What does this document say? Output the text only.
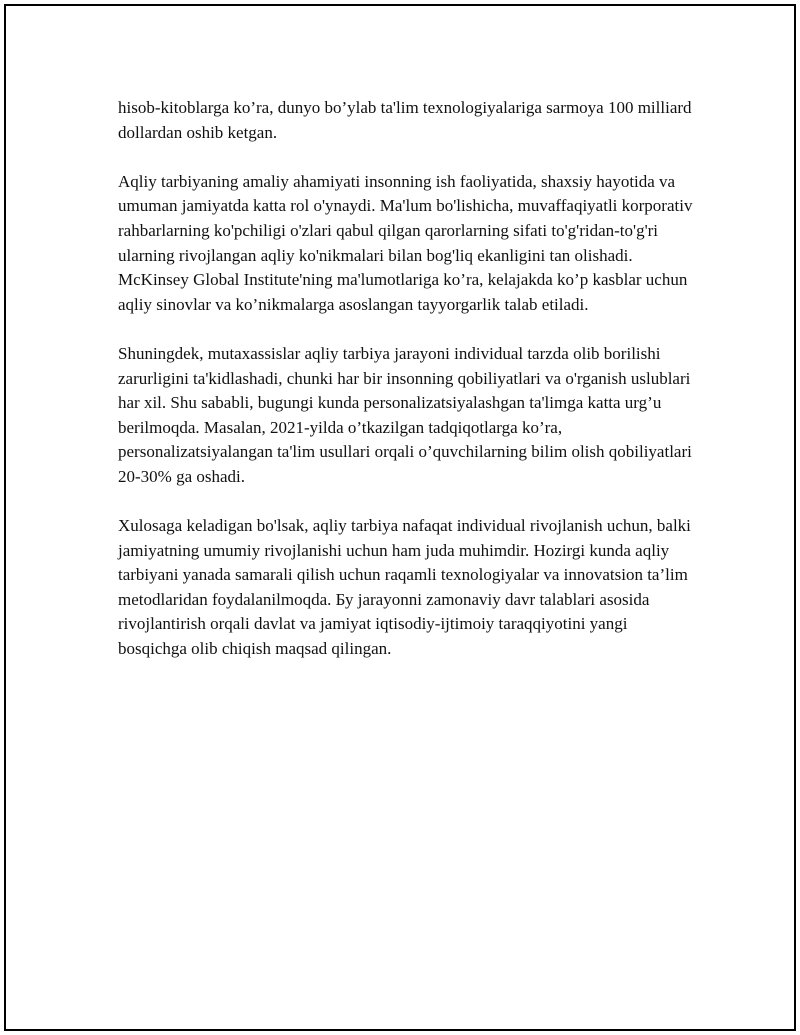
hisob-kitoblarga ko’ra, dunyo bo’ylab ta'lim texnologiyalariga sarmoya 100 milliard dollardan oshib ketgan.

Aqliy tarbiyaning amaliy ahamiyati insonning ish faoliyatida, shaxsiy hayotida va umuman jamiyatda katta rol o'ynaydi. Ma'lum bo'lishicha, muvaffaqiyatli korporativ rahbarlarning ko'pchiligi o'zlari qabul qilgan qarorlarning sifati to'g'ridan-to'g'ri ularning rivojlangan aqliy ko'nikmalari bilan bog'liq ekanligini tan olishadi. McKinsey Global Institute'ning ma'lumotlariga ko’ra, kelajakda ko’p kasblar uchun aqliy sinovlar va ko’nikmalarga asoslangan tayyorgarlik talab etiladi.

Shuningdek, mutaxassislar aqliy tarbiya jarayoni individual tarzda olib borilishi zarurligini ta'kidlashadi, chunki har bir insonning qobiliyatlari va o'rganish uslublari har xil. Shu sababli, bugungi kunda personalizatsiyalashgan ta'limga katta urg’u berilmoqda. Masalan, 2021-yilda o’tkazilgan tadqiqotlarga ko’ra, personalizatsiyalangan ta'lim usullari orqali o’quvchilarning bilim olish qobiliyatlari 20-30% ga oshadi.

Xulosaga keladigan bo'lsak, aqliy tarbiya nafaqat individual rivojlanish uchun, balki jamiyatning umumiy rivojlanishi uchun ham juda muhimdir. Hozirgi kunda aqliy tarbiyani yanada samarali qilish uchun raqamli texnologiyalar va innovatsion ta’lim metodlaridan foydalanilmoqda. Бу jarayonni zamonaviy davr talablari asosida rivojlantirish orqali davlat va jamiyat iqtisodiy-ijtimoiy taraqqiyotini yangi bosqichga olib chiqish maqsad qilingan.
